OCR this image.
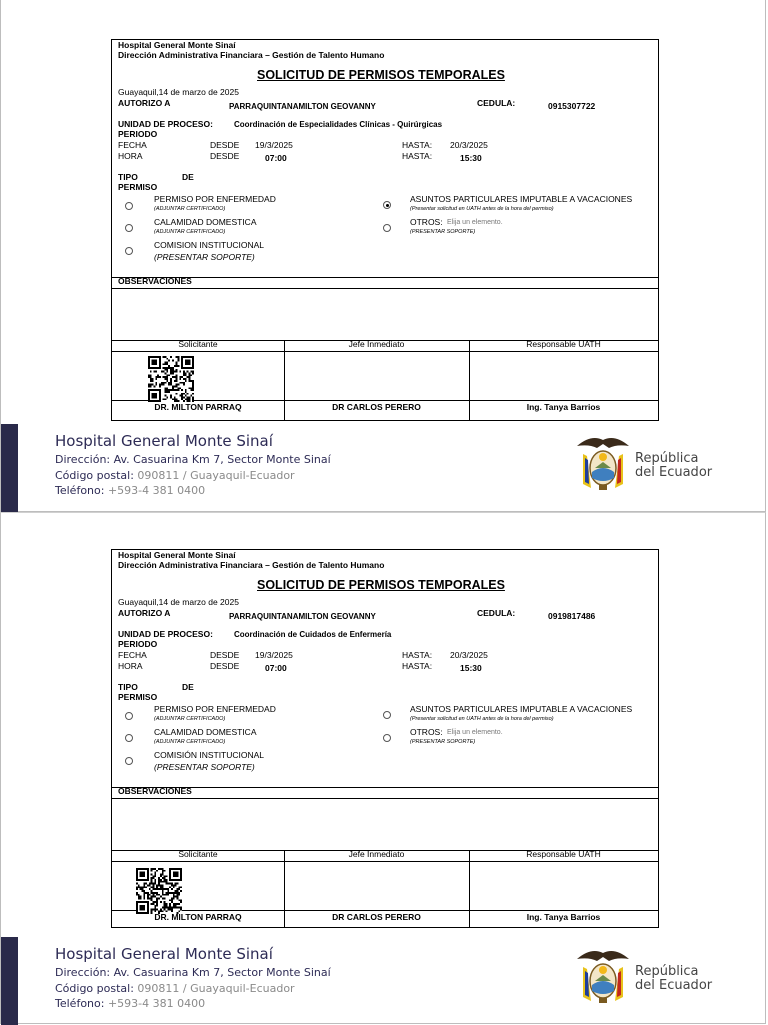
Hospital General Monte Sinaí
Dirección Administrativa Financiara – Gestión de Talento Humano
SOLICITUD DE PERMISOS TEMPORALES
Guayaquil,14 de marzo de 2025
AUTORIZO A	PARRAQUINTANAMILTON GEOVANNY	CEDULA:	0915307722
UNIDAD DE PROCESO:	Coordinación de Especialidades Clínicas - Quirúrgicas
PERIODO
FECHA	DESDE 19/3/2025	HASTA: 20/3/2025
HORA	DESDE	07:00	HASTA:	15:30
TIPO	DE
PERMISO
PERMISO POR ENFERMEDAD
(ADJUNTAR CERTIFICADO)
CALAMIDAD DOMESTICA
(ADJUNTAR CERTIFICADO)
COMISION INSTITUCIONAL
(PRESENTAR SOPORTE)
ASUNTOS PARTICULARES IMPUTABLE A VACACIONES
(Presentar solicitud en UATH antes de la hora del permiso)
OTROS: Elija un elemento.
(PRESENTAR SOPORTE)
OBSERVACIONES
Solicitante	Jefe Inmediato	Responsable UATH
DR. MILTON PARRAQ	DR CARLOS PERERO	Ing. Tanya Barrios
Hospital General Monte Sinaí
Dirección: Av. Casuarina Km 7, Sector Monte Sinaí
Código postal: 090811 / Guayaquil-Ecuador
Teléfono: +593-4 381 0400
República
del Ecuador
Hospital General Monte Sinaí
Dirección Administrativa Financiara – Gestión de Talento Humano
SOLICITUD DE PERMISOS TEMPORALES
Guayaquil,14 de marzo de 2025
AUTORIZO A	PARRAQUINTANAMILTON GEOVANNY	CEDULA:	0919817486
UNIDAD DE PROCESO:	Coordinación de Cuidados de Enfermería
PERIODO
FECHA	DESDE 19/3/2025	HASTA: 20/3/2025
HORA	DESDE	07:00	HASTA:	15:30
TIPO	DE
PERMISO
PERMISO POR ENFERMEDAD
(ADJUNTAR CERTIFICADO)
CALAMIDAD DOMESTICA
(ADJUNTAR CERTIFICADO)
COMISIÓN INSTITUCIONAL
(PRESENTAR SOPORTE)
ASUNTOS PARTICULARES IMPUTABLE A VACACIONES
(Presentar solicitud en UATH antes de la hora del permiso)
OTROS: Elija un elemento.
(PRESENTAR SOPORTE)
OBSERVACIONES
Solicitante	Jefe Inmediato	Responsable UATH
DR. MILTON PARRAQ	DR CARLOS PERERO	Ing. Tanya Barrios
Hospital General Monte Sinaí
Dirección: Av. Casuarina Km 7, Sector Monte Sinaí
Código postal: 090811 / Guayaquil-Ecuador
Teléfono: +593-4 381 0400
República
del Ecuador
